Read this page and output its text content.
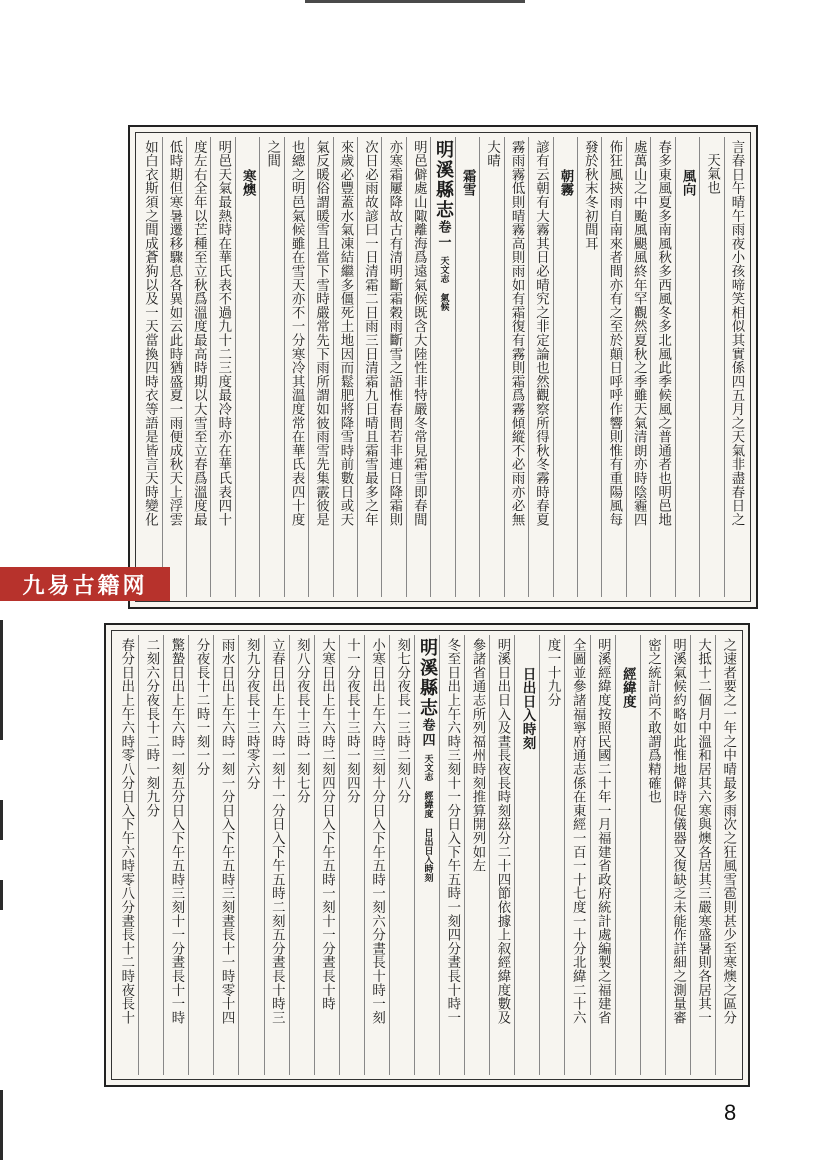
言春日午晴午雨夜小孩啼笑相似其實係四五月之天氣非盡春日之
天氣也
風向
春多東風夏多南風秋多西風冬多北風此季候風之普通者也明邑地
處萬山之中颱風颶風終年罕觀然夏秋之季雖天氣清朗亦時陰霾四
佈狂風挾雨自南來者間亦有之至於顛日呼呼作響則惟有重陽風每
發於秋末冬初間耳
朝霧
諺有云朝有大霧其日必晴究之非定論也然觀察所得秋冬霧時春夏
霧雨霧低則晴霧高則雨如有霜復有霧則霜爲霧傾縱不必雨亦必無
大晴
霜雪
明溪縣志
卷一
天文志 氣候
明邑僻處山陬離海爲遠氣候既含大陸性非特嚴冬常見霜雪即春間
亦寒霜屢降故古有清明斷霜穀雨斷雪之語惟春間若非連日降霜則
次日必雨故諺曰一日清霜二日雨三日清霜九日晴且霜雪最多之年
來歲必豐蓋水氣凍結繼多僵死土地因而鬆肥將降雪時前數日或天
氣反暖俗謂暖雪且當下雪時嚴常先下雨所謂如彼雨雪先集霰彼是
也總之明邑氣候雖在雪天亦不一分寒冷其溫度常在華氏表四十度
之間
寒燠
明邑天氣最熱時在華氏表不過九十二三度最冷時亦在華氏表四十
度左右全年以芒種至立秋爲溫度最高時期以大雪至立春爲溫度最
低時期但寒暑遷移驟息各異如云此時猶盛夏一雨便成秋天上浮雲
如白衣斯須之間成蒼狗以及一天當換四時衣等語是皆言天時變化
之速者要之一年之中晴最多雨次之狂風雪雹則甚少至寒燠之區分
大抵十二個月中溫和居其六寒與燠各居其三嚴寒盛暑則各居其一
明溪氣候約略如此惟地僻時促儀器又復缺乏未能作詳細之測量審
密之統計尚不敢謂爲精確也
經緯度
明溪經緯度按照民國二十年一月福建省政府統計處編製之福建省
全圖並參諸福寧府通志係在東經一百一十七度一十分北緯二十六
度一十九分
日出日入時刻
明溪日出日入及晝長夜長時刻茲分二十四節依據上叙經緯度數及
參諸省通志所列福州時刻推算開列如左
冬至日出上午六時三刻十一分日入下午五時一刻四分晝長十時一
明溪縣志
卷四
天文志 經緯度 日出日入時刻
刻七分夜長一三時二刻八分
小寒日出上午六時三刻十分日入下午五時一刻六分晝長十時一刻
十一分夜長十三時一刻四分
大寒日出上午六時二刻四分日入下午五時一刻十一分晝長十時
刻八分夜長十三時一刻七分
立春日出上午六時一刻十一分日入下午五時二刻五分晝長十時三
刻九分夜長十三時零六分
雨水日出上午六時一刻一分日入下午五時三刻晝長十一時零十四
分夜長十二時一刻一分
驚蟄日出上午六時一刻五分日入下午五時三刻十一分晝長十一時
二刻六分夜長十二時一刻九分
春分日出上午六時零八分日入下午六時零八分晝長十二時夜長十
九易古籍网
8
